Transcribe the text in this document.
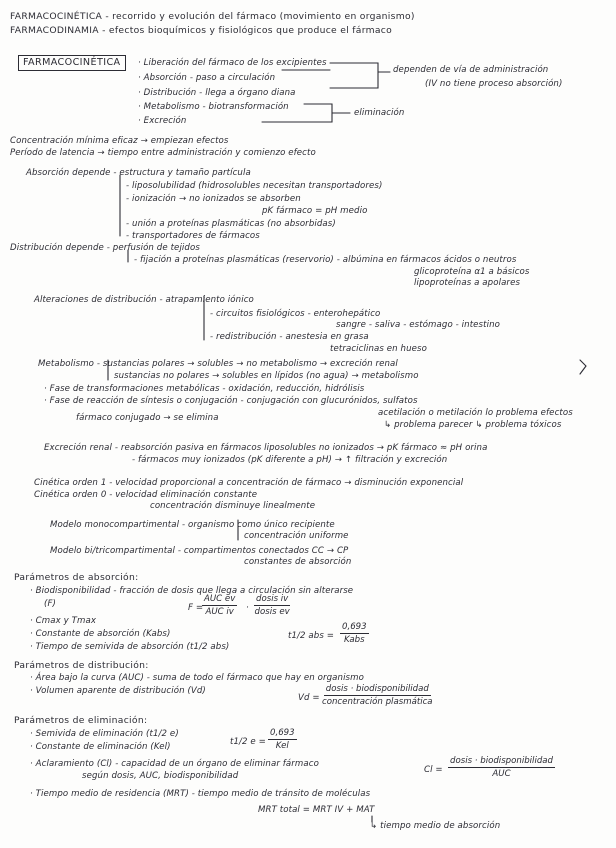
FARMACOCINÉTICA - recorrido y evolución del fármaco (movimiento en organismo)
FARMACODINAMIA - efectos bioquímicos y fisiológicos que produce el fármaco
FARMACOCINÉTICA	· Liberación del fármaco de los excipientes
· Absorción - paso a circulación
· Distribución - llega a órgano diana
· Metabolismo - biotransformación
· Excreción
dependen de vía de administración
(IV no tiene proceso absorción)
eliminación
Concentración mínima eficaz → empiezan efectos
Período de latencia → tiempo entre administración y comienzo efecto
Absorción depende - estructura y tamaño partícula
- liposolubilidad (hidrosolubles necesitan transportadores)
- ionización → no ionizados se absorben
pK fármaco = pH medio
- unión a proteínas plasmáticas (no absorbidas)
- transportadores de fármacos
Distribución depende - perfusión de tejidos
- fijación a proteínas plasmáticas (reservorio) - albúmina en fármacos ácidos o neutros
glicoproteína α1 a básicos
lipoproteínas a apolares
Alteraciones de distribución - atrapamiento iónico
- circuitos fisiológicos - enterohepático
sangre - saliva - estómago - intestino
- redistribución - anestesia en grasa
tetraciclinas en hueso
Metabolismo - sustancias polares → solubles → no metabolismo → excreción renal
sustancias no polares → solubles en lípidos (no agua) → metabolismo
· Fase de transformaciones metabólicas - oxidación, reducción, hidrólisis
· Fase de reacción de síntesis o conjugación - conjugación con glucurónidos, sulfatos
acetilación o metilación lo problema efectos
fármaco conjugado → se elimina
↳ problema parecer ↳ problema tóxicos
Excreción renal - reabsorción pasiva en fármacos liposolubles no ionizados → pK fármaco ≈ pH orina
- fármacos muy ionizados (pK diferente a pH) → ↑ filtración y excreción
Cinética orden 1 - velocidad proporcional a concentración de fármaco → disminución exponencial
Cinética orden 0 - velocidad eliminación constante
concentración disminuye linealmente
Modelo monocompartimental - organismo como único recipiente
concentración uniforme
Modelo bi/tricompartimental - compartimentos conectados CC → CP
constantes de absorción
Parámetros de absorción:
· Biodisponibilidad - fracción de dosis que llega a circulación sin alterarse
(F)	F =
AUC ev
AUC iv ·
dosis iv
dosis ev
· Cmax y Tmax
· Constante de absorción (Kabs)
· Tiempo de semivida de absorción (t1/2 abs)
t1/2 abs =
0,693
Kabs
Parámetros de distribución:
· Área bajo la curva (AUC) - suma de todo el fármaco que hay en organismo
· Volumen aparente de distribución (Vd)
Vd =
dosis · biodisponibilidad
concentración plasmática
Parámetros de eliminación:
· Semivida de eliminación (t1/2 e)
· Constante de eliminación (Kel)	t1/2 e =
0,693
Kel
· Aclaramiento (Cl) - capacidad de un órgano de eliminar fármaco
según dosis, AUC, biodisponibilidad
Cl =
dosis · biodisponibilidad
AUC
· Tiempo medio de residencia (MRT) - tiempo medio de tránsito de moléculas
MRT total = MRT IV + MAT
↳ tiempo medio de absorción
